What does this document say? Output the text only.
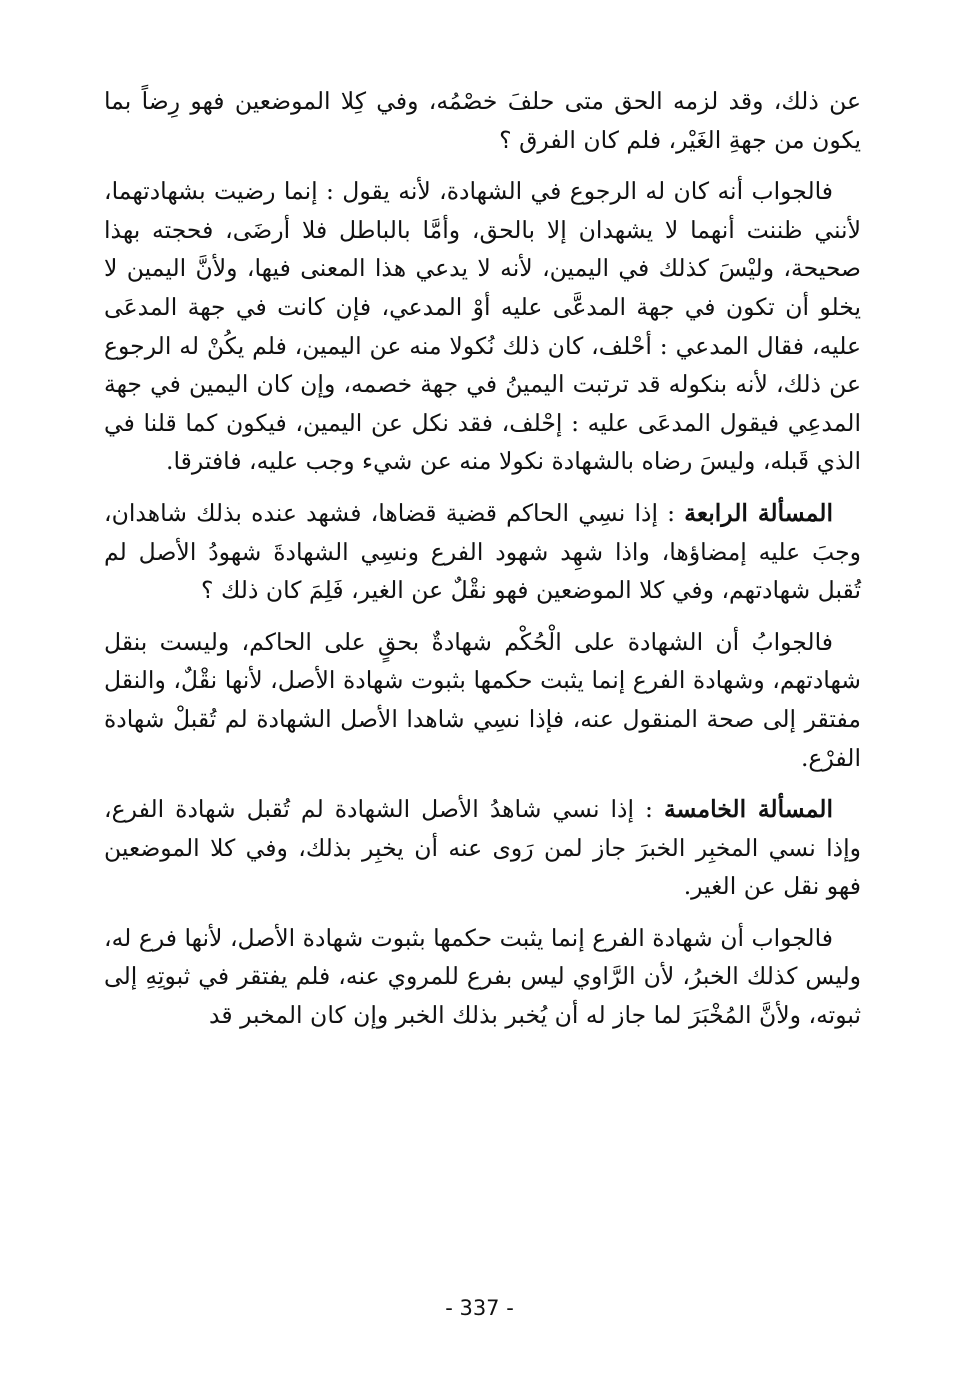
عن ذلك، وقد لزمه الحق متى حلفَ خصْمُه، وفي كِلا الموضعين فهو رِضاً بما يكون من جهةِ الغَيْر، فلم كان الفرق ؟

فالجواب أنه كان له الرجوع في الشهادة، لأنه يقول : إنما رضيت بشهادتهما، لأنني ظننت أنهما لا يشهدان إلا بالحق، وأمَّا بالباطل فلا أرضَى، فحجته بهذا صحيحة، وليْسَ كذلك في اليمين، لأنه لا يدعي هذا المعنى فيها، ولأنَّ اليمين لا يخلو أن تكون في جهة المدعَّى عليه أوْ المدعي، فإن كانت في جهة المدعَى عليه، فقال المدعي : أحْلف، كان ذلك نُكولا منه عن اليمين، فلم يكُنْ له الرجوع عن ذلك، لأنه بنكوله قد ترتبت اليمينُ في جهة خصمه، وإن كان اليمين في جهة المدعِي فيقول المدعَى عليه : إحْلف، فقد نكل عن اليمين، فيكون كما قلنا في الذي قَبله، وليسَ رضاه بالشهادة نكولا منه عن شيء وجب عليه، فافترقا.

المسألة الرابعة : إذا نسِي الحاكم قضية قضاها، فشهد عنده بذلك شاهدان، وجبَ عليه إمضاؤها، واذا شهِد شهود الفرع ونسِي الشهادةَ شهودُ الأصل لم تُقبل شهادتهم، وفي كلا الموضعين فهو نقْلٌ عن الغير، فَلِمَ كان ذلك ؟

فالجوابُ أن الشهادة على الْحُكْم شهادةٌ بحقٍ على الحاكم، وليست بنقل شهادتهم، وشهادة الفرع إنما يثبت حكمها بثبوت شهادة الأصل، لأنها نقْلٌ، والنقل مفتقر إلى صحة المنقول عنه، فإذا نسِي شاهدا الأصل الشهادة لم تُقبلْ شهادة الفرْع.

المسألة الخامسة : إذا نسي شاهدُ الأصل الشهادة لم تُقبل شهادة الفرع، وإذا نسي المخبِر الخبرَ جاز لمن رَوى عنه أن يخبِر بذلك، وفي كلا الموضعين فهو نقل عن الغير.

فالجواب أن شهادة الفرع إنما يثبت حكمها بثبوت شهادة الأصل، لأنها فرع له، وليس كذلك الخبرُ، لأن الرَّاوي ليس بفرع للمروي عنه، فلم يفتقر في ثبوتِهِ إلى ثبوته، ولأنَّ المُخْبَرَ لما جاز له أن يُخبر بذلك الخبر وإن كان المخبر قد

- 337 -
